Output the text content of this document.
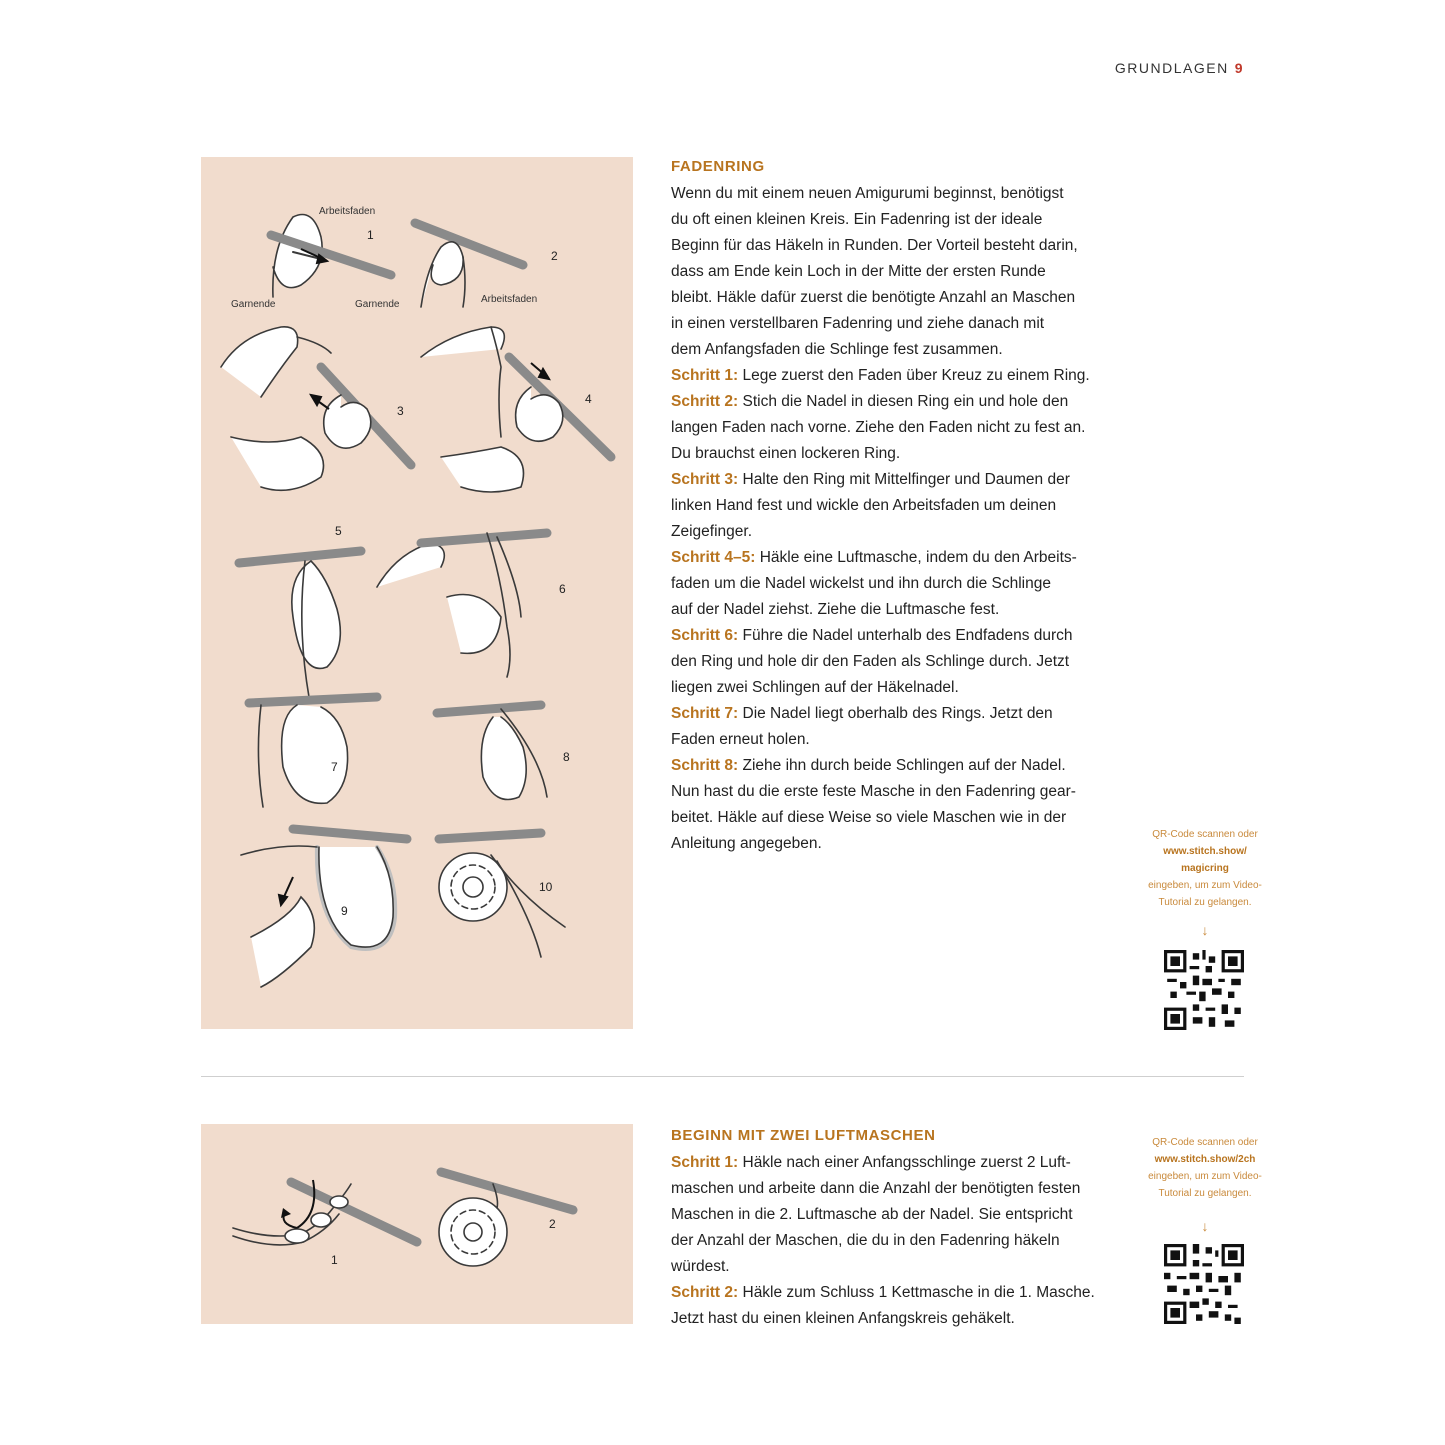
GRUNDLAGEN 9
Arbeitsfaden
Garnende	Garnende	Arbeitsfaden
1
2
3
4
5
6
7
8
9
10
FADENRING
Wenn du mit einem neuen Amigurumi beginnst, benötigst
du oft einen kleinen Kreis. Ein Fadenring ist der ideale
Beginn für das Häkeln in Runden. Der Vorteil besteht darin,
dass am Ende kein Loch in der Mitte der ersten Runde
bleibt. Häkle dafür zuerst die benötigte Anzahl an Maschen
in einen verstellbaren Fadenring und ziehe danach mit
dem Anfangsfaden die Schlinge fest zusammen.
Schritt 1: Lege zuerst den Faden über Kreuz zu einem Ring.
Schritt 2: Stich die Nadel in diesen Ring ein und hole den
langen Faden nach vorne. Ziehe den Faden nicht zu fest an.
Du brauchst einen lockeren Ring.
Schritt 3: Halte den Ring mit Mittelfinger und Daumen der
linken Hand fest und wickle den Arbeitsfaden um deinen
Zeigefinger.
Schritt 4–5: Häkle eine Luftmasche, indem du den Arbeits-
faden um die Nadel wickelst und ihn durch die Schlinge
auf der Nadel ziehst. Ziehe die Luftmasche fest.
Schritt 6: Führe die Nadel unterhalb des Endfadens durch
den Ring und hole dir den Faden als Schlinge durch. Jetzt
liegen zwei Schlingen auf der Häkelnadel.
Schritt 7: Die Nadel liegt oberhalb des Rings. Jetzt den
Faden erneut holen.
Schritt 8: Ziehe ihn durch beide Schlingen auf der Nadel.
Nun hast du die erste feste Masche in den Fadenring gear-
beitet. Häkle auf diese Weise so viele Maschen wie in der
Anleitung angegeben.
QR-Code scannen oder
www.stitch.show/
magicring
eingeben, um zum Video-
Tutorial zu gelangen.
↓
1
2
BEGINN MIT ZWEI LUFTMASCHEN
Schritt 1: Häkle nach einer Anfangsschlinge zuerst 2 Luft-
maschen und arbeite dann die Anzahl der benötigten festen
Maschen in die 2. Luftmasche ab der Nadel. Sie entspricht
der Anzahl der Maschen, die du in den Fadenring häkeln
würdest.
Schritt 2: Häkle zum Schluss 1 Kettmasche in die 1. Masche.
Jetzt hast du einen kleinen Anfangskreis gehäkelt.
QR-Code scannen oder
www.stitch.show/2ch
eingeben, um zum Video-
Tutorial zu gelangen.
↓
